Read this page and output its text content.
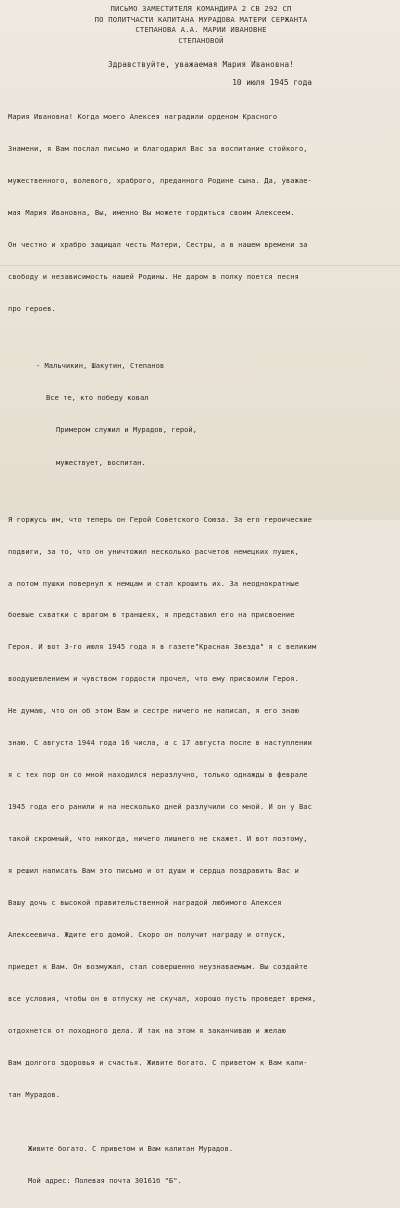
ПИСЬМО ЗАМЕСТИТЕЛЯ КОМАНДИРА 2 СВ 292 СП
ПО ПОЛИТЧАСТИ КАПИТАНА МУРАДОВА МАТЕРИ СЕРЖАНТА
СТЕПАНОВА А.А. МАРИИ ИВАНОВНЕ
СТЕПАНОВОЙ
Здравствуйте, уважаемая Мария Ивановна!
10 июля 1945 года

Мария Ивановна! Когда моего Алексея наградили орденом Красного

Знамени, я Вам послал письмо и благодарил Вас за воспитание стойкого,

мужественного, волевого, храброго, преданного Родине сына. Да, уважае-

мая Мария Ивановна, Вы, именно Вы можете гордиться своим Алексеем.

Он честно и храбро защищал честь Матери, Сестры, а в нашем времени за

свободу и независимость нашей Родины. Не даром в полку поется песня

про героев.

- Мальчикин, Шакутин, Степанов

Все те, кто победу ковал

Примером служил и Мурадов, герой,

мужествует, воспитан.

Я горжусь им, что теперь он Герой Советского Союза. За его героические

подвиги, за то, что он уничтожил несколько расчетов немецких пушек,

а потом пушки повернул к немцам и стал крошить их. За неоднократные

боевые схватки с врагом в траншеях, я представил его на присвоение

Героя. И вот 3-го июля 1945 года я в газете"Красная Звезда" я с великим

воодушевлением и чувством гордости прочел, что ему присвоили Героя.

Не думаю, что он об этом Вам и сестре ничего не написал, я его знаю

знаю. С августа 1944 года 16 числа, а с 17 августа после в наступлении

я с тех пор он со мной находился неразлучно, только однажды в феврале

1945 года его ранили и на несколько дней разлучили со мной. И он у Вас

такой скромный, что никогда, ничего лишнего не скажет. И вот поэтому,

я решил написать Вам это письмо и от души и сердца поздравить Вас и

Вашу дочь с высокой правительственной наградой любимого Алексея

Алексеевича. Ждите его домой. Скоро он получит награду и отпуск,

приедет к Вам. Он возмужал, стал совершенно неузнаваемым. Вы создайте

все условия, чтобы он в отпуску не скучал, хорошо пусть проведет время,

отдохнется от походного дела. И так на этом я заканчиваю и желаю

Вам долгого здоровья и счастья. Живите богато. С приветом к Вам капи-

тан Мурадов.

Живите богато. С приветом и Вам капитан Мурадов.

Мой адрес: Полевая почта 30161б "Б".
